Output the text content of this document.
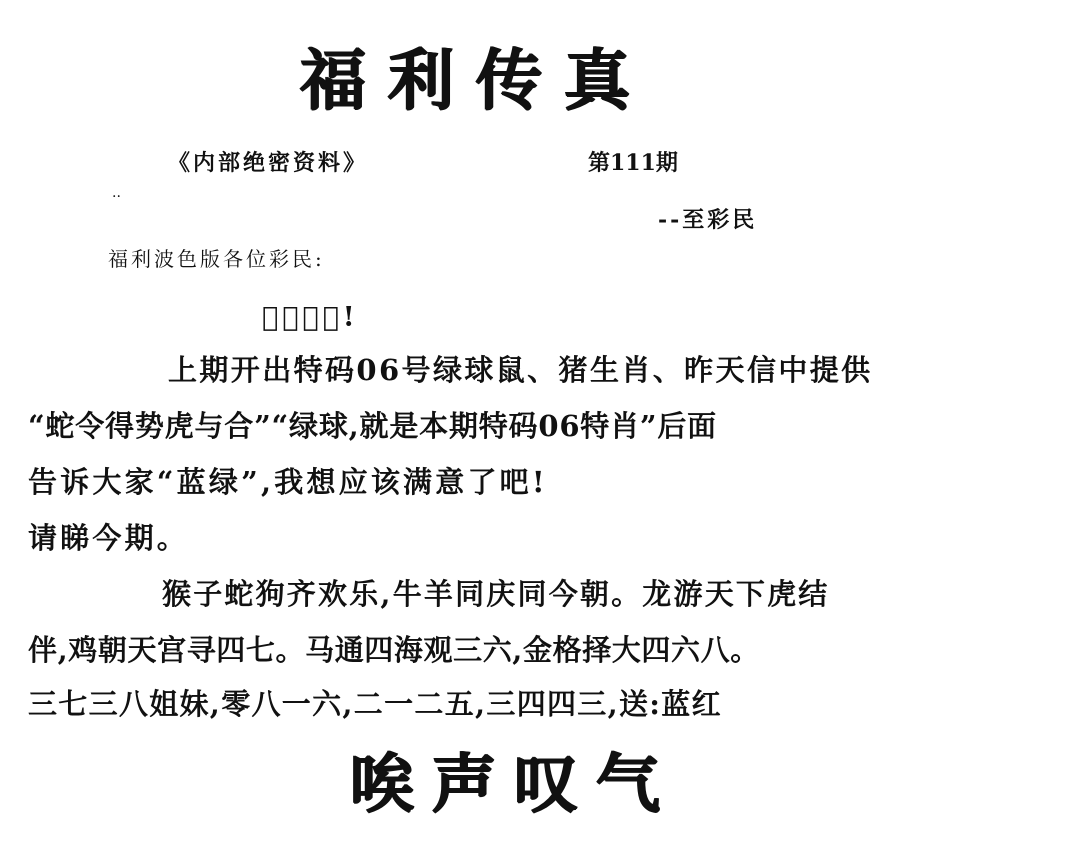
福利传真
《内部绝密资料》	第111期
..
--至彩民
福利波色版各位彩民:
𫝀们辛苦!
上期开出特码06号绿球鼠、猪生肖、昨天信中提供
“蛇令得势虎与合”“绿球,就是本期特码06特肖”后面
告诉大家“蓝绿”,我想应该满意了吧!
请睇今期。
猴子蛇狗齐欢乐,牛羊同庆同今朝。龙游天下虎结
伴,鸡朝天宫寻四七。马通四海观三六,金格择大四六八。
三七三八姐妹,零八一六,二一二五,三四四三,送:蓝红
唉声叹气
